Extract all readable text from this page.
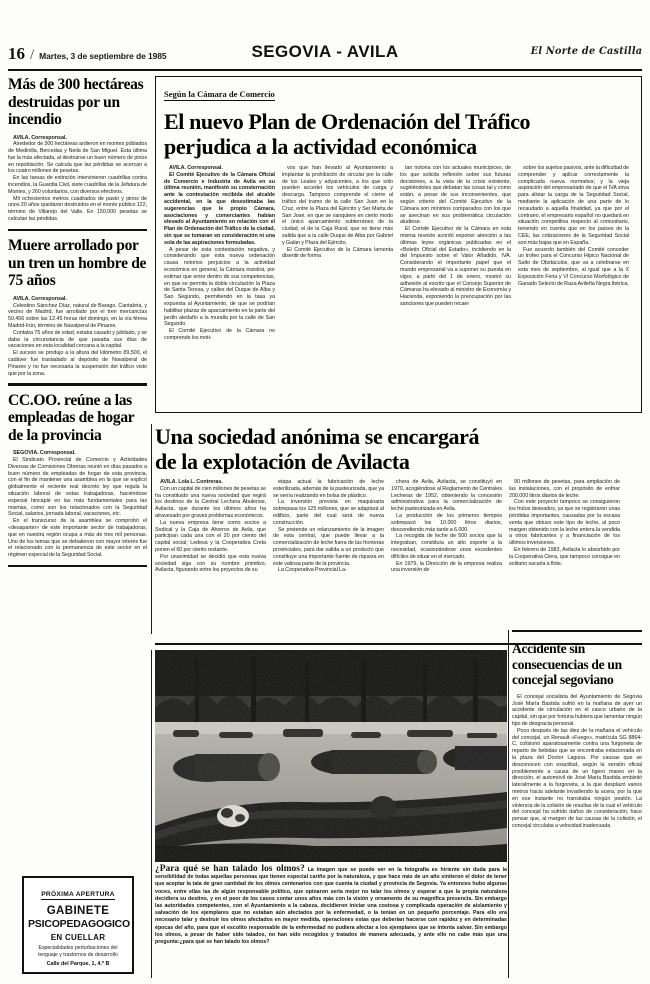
16 / Martes, 3 de septiembre de 1985	SEGOVIA - AVILA	El Norte de Castilla
Más de 300 hectáreas destruidas por un incendio

AVILA. Corresponsal.

Alrededor de 300 hectáreas ardieron en montes poblados de Medinilla, Bercedas y Neila de San Miguel. Esta última fue la más afectada, al destruirse un buen número de pinos en repoblación. Se calcula que las pérdidas se acercan a los cuatro millones de pesetas.

En las tareas de extinción intervinieron cuadrillas contra incendios, la Guardia Civil, siete cuadrillas de la Jefatura de Montes, y 260 voluntarios, con diversos efectivos.

Mil ochocientos metros cuadrados de pasto y pinos de unos 20 años quedaron destruidos en el monte público 122, término de Villarejo del Valle. En 150.000 pesetas se calculan las pérdidas.

Muere arrollado por un tren un hombre de 75 años

AVILA. Corresponsal.

Celestino Sánchez Díaz, natural de Barago, Cantabria, y vecino de Madrid, fue arrollado por el tren mercancías 50.456 sobre las 12.45 horas del domingo, en la vía férrea Madrid-Irún, término de Navalperal de Pinares.

Contaba 75 años de edad, estaba casado y jubilado, y se daba la circunstancia de que pasaba sus días de vacaciones en esta localidad cercana a la capital.

El suceso se produjo a la altura del kilómetro 89,500, el cadáver fue trasladado al depósito de Navalperal de Pinares y no fue necesaria la suspensión del tráfico visto que por la zona.

CC.OO. reúne a las empleadas de hogar de la provincia

SEGOVIA. Corresponsal.

El Sindicato Provincial de Comercio y Actividades Diversas de Comisiones Obreras reunió en días pasados a buen número de empleadas de hogar de esta provincia, con el fin de mantener una asamblea en la que se explicó globalmente el reciente real decreto ley que regula la situación laboral de estas trabajadoras, haciéndose especial hincapié en las más fundamentales para las mismas, como son los relacionados con la Seguridad Social, salarios, jornada laboral, vacaciones, etc.

En el transcurso de la asamblea se comprobó el «desaparter» de este importante sector de trabajadoras, que en nuestra región ocupa a más de tres mil personas. Uno de los temas que se debatieron con mayor interés fue el relacionado con la permanencia de este sector en el régimen especial de la Seguridad Social.

Según la Cámara de Comercio
El nuevo Plan de Ordenación del Tráfico
perjudica a la actividad económica

AVILA. Corresponsal.

El Comité Ejecutivo de la Cámara Oficial de Comercio e Industria de Avila en su última reunión, manifestó su consternación ante la contestación recibida del alcalde accidental, en la que desestimaba las sugerencias que le propio Cámara, asociaciones y comerciantes habían elevado al Ayuntamiento en relación con el Plan de Ordenación del Tráfico de la ciudad, sin que se tomaran en consideración ni una sola de las aspiraciones formuladas.

A pesar de esta contestación negativa, y considerando que esta nueva ordenación causa notorios perjuicios a la actividad económica en general, la Cámara insistirá, por estimar que entre dentro de sus competencias, en que se permita la doble circulación la Plaza de Santa Teresa, y calles del Duque de Alba y San Segundo, permitiendo en la tasa ya expuesta al Ayuntamiento, de que se podrían habilitar plazas de aparcamiento en la parte del jardín aledaño a la muralla por la calle de San Segundo.

El Comité Ejecutivo de la Cámara no comprende los moti-

vos que han llevado al Ayuntamiento a implantar la prohibición de circular por la calle de los Leales y adyacentes, a los que sólo pueden acceder los vehículos de carga y descarga. Tampoco comprende el cierre al tráfico del tramo de la calle San Juan en la Cruz, entre la Plaza del Ejército y Ser Marta de San José, en que se vanquiere en cierto modo el único aparcamiento subterráneo de la ciudad, el de la Caja Rural, que no tiene más salida que a la calle Duque de Alba por Gabriel y Galán y Plaza del Ejército.

El Comité Ejecutivo de la Cámara lamenta disentir de forma

tan notoria con los actuales municípices, de los que solicita reflexión sobre sus futuras decisiones, a la vista de la crisis existente, sugiriéndoles que debatan las cosas tal y como están, a pesar de sus inconvenientes, que según criterio del Comité Ejecutivo de la Cámara son mínimos comparados con los que se avecinan en sus problemática circulación aludiese.

El Comité Ejecutivo de la Cámara en esta misma reunión acordó exponer atención a las últimas leyes orgánicas publicadas en el «Boletín Oficial del Estado», incidiendo en la del Impuesto sobre el Valor Añadido, IVA. Considerando el importante papel que el mundo empresarial va a suponer su puesta en vigor, a partir del 1 de enero, mostró su adhesión al escrito que el Consejo Superior de Cámaras ha elevado al ministro de Economía y Hacienda, exponiendo la preocupación por las sanciones que pueden recaer

sobre los sujetos pasivos, ante la dificultad de comprender y aplicar correctamente la complicada nueva normativa; y la vieja aspiración del empresariado de que el IVA sirva para aliviar la carga de la Seguridad Social, mediante la aplicación de una parte de lo recaudado a aquella finalidad, ya que por el contrario, el empresario español no quedará en situación competitiva respecto al comunitario, teniendo en cuenta que en los países de la CEE, las cotizaciones de la Seguridad Social son más bajas que en España.

Fue acuerdo también del Comité conceder un trofeo para el Concurso Hípico Nacional de Salto de Obstáculos, que va a celebrarse en esta mes de septiembre, al igual que a la X Exposición Feria y VI Concurso Morfológico de Ganado Selecto de Raza Avileña Negra Ibérica.

Una sociedad anónima se encargará
de la explotación de Avilacta

AVILA. Lola L. Contreras.

Con un capital de cien millones de pesetas se ha constituido una nueva sociedad que regirá los destinos de la Central Lechera Abulense, Avilacta, que durante los últimos años ha atravesado por graves problemas económicos.

La nueva empresa tiene como socios a Sodical y la Caja de Ahorros de Avila, que participan cada una con el 20 por ciento del capital social; Ledesa y la Cooperativa Creta ponen el 60 por ciento restante.

Por unanimidad se decidió que esta nueva sociedad siga con su nombre primitivo, Avilacta, figurando entre los proyectos de su

etapa actual la fabricación de leche esterilizada, además de la pasteurizada, que ya se venía realizando en bolsa de plástico.

La inversión prevista en maquinaria sobrepasa los 125 millones, que se adaptará al edificio, parte del cual será de nueva construcción.

Se pretende un relanzamiento de la imagen de esta central, que puede llevar a la comercialización de leche fuera de las fronteras provinciales, para dar salida a un producto que constituye una importante fuente de riqueza en este valiosa parte de la provincia.

La Cooperativa Provincial La-

chera de Avila, Avilacta, se constituyó en 1970, acogiéndose al Reglamento de Centrales Lecheras de 1952, obteniendo la concesión administrativa para la comercialización de leche pasteurizada en Avila.

La producción de los primeros tiempos sobrepasó los 10.000 litros diarios, descendiendo más tarde a 6.000.

La recogida de leche de 500 socios que la integraban, constituía un alto soporte a la necesidad, ocasionándose unos excedentes difíciles de situar en el mercado.

En 1979, la Dirección de la empresa realiza una inversión de

90 millones de pesetas, para ampliación de las instalaciones, con el propósito de enfriar 200.000 litros diarios de leche.

Con este proyecto tampoco se consiguieron los frutos deseados, ya que se registraron unas pérdidas importantes, causadas por la escasa venta que obtuvo este tipo de leche, al poco margen obtenido con la leche entera la vendida a otros fabricantes y a financiación de los últimos inversiones.

En febrero de 1983, Avilacta lo absorbido por la Cooperativa Ciera, que tampoco consigue en solitario sacarla a flote.

¿Para qué se han talado los olmos? La imagen que se puede ver en la fotografía es hiriente sin duda para la sensibilidad de todas aquellas personas que tienen especial cariño por la naturaleza, y que hace más de un año sintieron el dolor de tener que aceptar la tala de gran cantidad de los olmos centenarios con que cuenta la ciudad y provincia de Segovia. Ya entonces hubo algunas voces, entre ellas las de algún responsable político, que opinaron sería mejor no talar los olmos y esperar a que la propia naturaleza decidiera su destino, y en el peor de los casos contar unos años más con la visión y ornamento de su magnífica presencia. Sin embargo las autoridades competentes, con el Ayuntamiento a la cabeza, decidieron iniciar una costosa y complicada operación de aislamiento y salvación de los ejemplares que no estaban aún afectados por la enfermedad, o la tenían en un pequeño porcentaje. Para ello era necesario talar y destruir los olmos afectados en mayor medida, operaciones estas que deberían hacerse con rapidez y en determinadas épocas del año, para que el escolito responsable de la enfermedad no pudiera afectar a los ejemplares que se intenta salvar. Sin embargo los olmos, a pesar de haber sido talados, no han sido recogidos y tratados de manera adecuada, y ante ello no cabe más que una pregunta:¿para qué se han talado los olmos?
Accidente sin consecuencias de un concejal segoviano

El concejal socialista del Ayuntamiento de Segovia José María Bastida sufrió en la mañana de ayer un accidente de circulación en el casco urbano de la capital, sin que por fortuna hubiera que lamentar ningún tipo de desgracia personal.

Poco después de las diez de la mañana el vehículo del concejal, un Renault «Fuego», matrícula SG 8864-C, colisionó aparatosamente contra una furgoneta de reparto de bebidas que se encontraba estacionada en la plaza del Doctor Laguna. Por causas que se desconocen con exactitud, según la versión oficial posiblemente a causa de un ligero mareo en la dirección, el automóvil de José María Bastida embistió lateralmente a la furgoneta, a la que desplazó varios metros hacia adelante invadiendo la acera, por la que en ese instante no transitaba ningún peatón. La violencia de la colisión de resultas de la cual el vehículo del concejal ha sufrido daños de consideración, hace pensar que, al margen de las causas de la colisión, el concejal circulaba a velocidad inadecuada

PRÓXIMA APERTURA
GABINETE
PSICOPEDAGOGICO
EN CUELLAR
Especialidades perturbaciones del lenguaje y trastornos de desarrollo
Calle del Parque, 1, 4.º B
